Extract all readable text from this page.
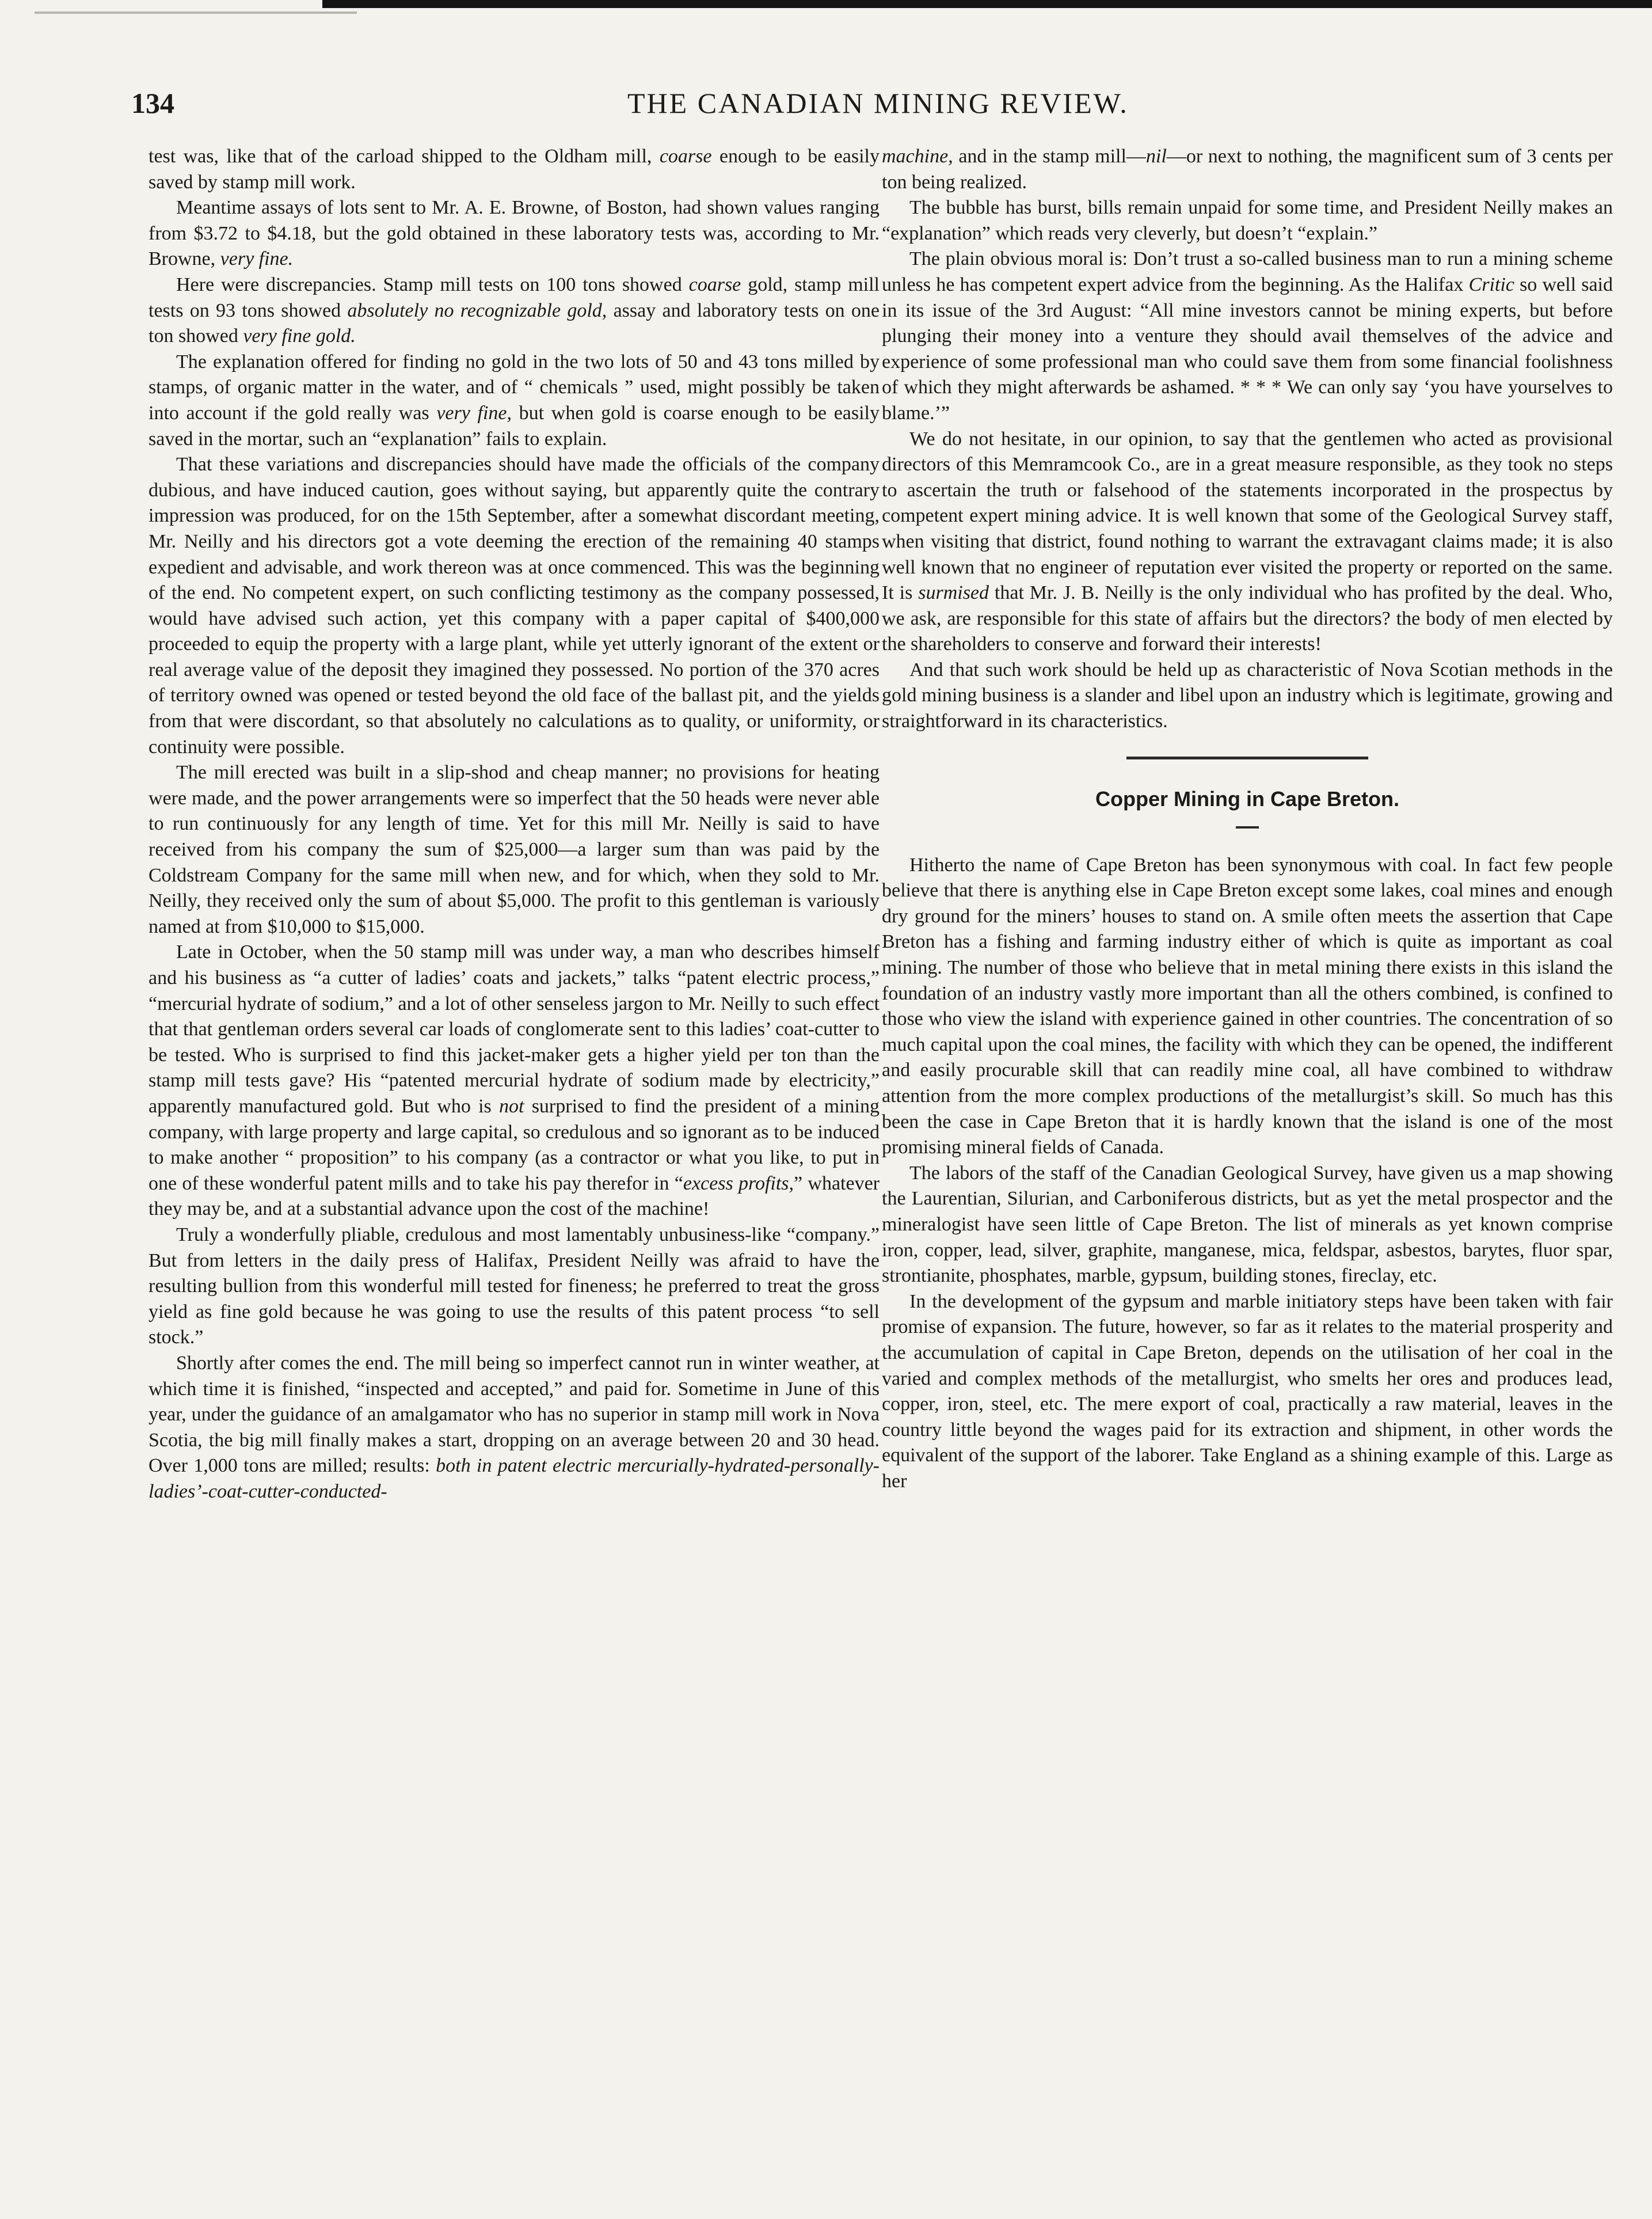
134	THE CANADIAN MINING REVIEW.

test was, like that of the carload shipped to the Oldham mill, coarse enough to be easily saved by stamp mill work.

Meantime assays of lots sent to Mr. A. E. Browne, of Boston, had shown values ranging from $3.72 to $4.18, but the gold obtained in these laboratory tests was, according to Mr. Browne, very fine.

Here were discrepancies. Stamp mill tests on 100 tons showed coarse gold, stamp mill tests on 93 tons showed absolutely no recognizable gold, assay and laboratory tests on one ton showed very fine gold.

The explanation offered for finding no gold in the two lots of 50 and 43 tons milled by stamps, of organic matter in the water, and of “ chemicals ” used, might possibly be taken into account if the gold really was very fine, but when gold is coarse enough to be easily saved in the mortar, such an “explanation” fails to explain.

That these variations and discrepancies should have made the officials of the company dubious, and have induced caution, goes without saying, but apparently quite the contrary impression was produced, for on the 15th September, after a somewhat discordant meeting, Mr. Neilly and his directors got a vote deeming the erection of the remaining 40 stamps expedient and advisable, and work thereon was at once commenced. This was the beginning of the end. No competent expert, on such conflicting testimony as the company possessed, would have advised such action, yet this company with a paper capital of $400,000 proceeded to equip the property with a large plant, while yet utterly ignorant of the extent or real average value of the deposit they imagined they possessed. No portion of the 370 acres of territory owned was opened or tested beyond the old face of the ballast pit, and the yields from that were discordant, so that absolutely no calculations as to quality, or uniformity, or continuity were possible.

The mill erected was built in a slip-shod and cheap manner; no provisions for heating were made, and the power arrangements were so imperfect that the 50 heads were never able to run continuously for any length of time. Yet for this mill Mr. Neilly is said to have received from his company the sum of $25,000—a larger sum than was paid by the Coldstream Company for the same mill when new, and for which, when they sold to Mr. Neilly, they received only the sum of about $5,000. The profit to this gentleman is variously named at from $10,000 to $15,000.

Late in October, when the 50 stamp mill was under way, a man who describes himself and his business as “a cutter of ladies’ coats and jackets,” talks “patent electric process,” “mercurial hydrate of sodium,” and a lot of other senseless jargon to Mr. Neilly to such effect that that gentleman orders several car loads of conglomerate sent to this ladies’ coat-cutter to be tested. Who is surprised to find this jacket-maker gets a higher yield per ton than the stamp mill tests gave? His “patented mercurial hydrate of sodium made by electricity,” apparently manufactured gold. But who is not surprised to find the president of a mining company, with large property and large capital, so credulous and so ignorant as to be induced to make another “ proposition” to his company (as a contractor or what you like, to put in one of these wonderful patent mills and to take his pay therefor in “excess profits,” whatever they may be, and at a substantial advance upon the cost of the machine!

Truly a wonderfully pliable, credulous and most lamentably unbusiness-like “company.” But from letters in the daily press of Halifax, President Neilly was afraid to have the resulting bullion from this wonderful mill tested for fineness; he preferred to treat the gross yield as fine gold because he was going to use the results of this patent process “to sell stock.”

Shortly after comes the end. The mill being so imperfect cannot run in winter weather, at which time it is finished, “inspected and accepted,” and paid for. Sometime in June of this year, under the guidance of an amalgamator who has no superior in stamp mill work in Nova Scotia, the big mill finally makes a start, dropping on an average between 20 and 30 head. Over 1,000 tons are milled; results: both in patent electric mercurially-hydrated-personally-ladies’-coat-cutter-conducted-

machine, and in the stamp mill—nil—or next to nothing, the magnificent sum of 3 cents per ton being realized.

The bubble has burst, bills remain unpaid for some time, and President Neilly makes an “explanation” which reads very cleverly, but doesn’t “explain.”

The plain obvious moral is: Don’t trust a so-called business man to run a mining scheme unless he has competent expert advice from the beginning. As the Halifax Critic so well said in its issue of the 3rd August: “All mine investors cannot be mining experts, but before plunging their money into a venture they should avail themselves of the advice and experience of some professional man who could save them from some financial foolishness of which they might afterwards be ashamed. * * * We can only say ‘you have yourselves to blame.’”

We do not hesitate, in our opinion, to say that the gentlemen who acted as provisional directors of this Memramcook Co., are in a great measure responsible, as they took no steps to ascertain the truth or falsehood of the statements incorporated in the prospectus by competent expert mining advice. It is well known that some of the Geological Survey staff, when visiting that district, found nothing to warrant the extravagant claims made; it is also well known that no engineer of reputation ever visited the property or reported on the same. It is surmised that Mr. J. B. Neilly is the only individual who has profited by the deal. Who, we ask, are responsible for this state of affairs but the directors? the body of men elected by the shareholders to conserve and forward their interests!

And that such work should be held up as characteristic of Nova Scotian methods in the gold mining business is a slander and libel upon an industry which is legitimate, growing and straightforward in its characteristics.

Copper Mining in Cape Breton.

Hitherto the name of Cape Breton has been synonymous with coal. In fact few people believe that there is anything else in Cape Breton except some lakes, coal mines and enough dry ground for the miners’ houses to stand on. A smile often meets the assertion that Cape Breton has a fishing and farming industry either of which is quite as important as coal mining. The number of those who believe that in metal mining there exists in this island the foundation of an industry vastly more important than all the others combined, is confined to those who view the island with experience gained in other countries. The concentration of so much capital upon the coal mines, the facility with which they can be opened, the indifferent and easily procurable skill that can readily mine coal, all have combined to withdraw attention from the more complex productions of the metallurgist’s skill. So much has this been the case in Cape Breton that it is hardly known that the island is one of the most promising mineral fields of Canada.

The labors of the staff of the Canadian Geological Survey, have given us a map showing the Laurentian, Silurian, and Carboniferous districts, but as yet the metal prospector and the mineralogist have seen little of Cape Breton. The list of minerals as yet known comprise iron, copper, lead, silver, graphite, manganese, mica, feldspar, asbestos, barytes, fluor spar, strontianite, phosphates, marble, gypsum, building stones, fireclay, etc.

In the development of the gypsum and marble initiatory steps have been taken with fair promise of expansion. The future, however, so far as it relates to the material prosperity and the accumulation of capital in Cape Breton, depends on the utilisation of her coal in the varied and complex methods of the metallurgist, who smelts her ores and produces lead, copper, iron, steel, etc. The mere export of coal, practically a raw material, leaves in the country little beyond the wages paid for its extraction and shipment, in other words the equivalent of the support of the laborer. Take England as a shining example of this. Large as her
